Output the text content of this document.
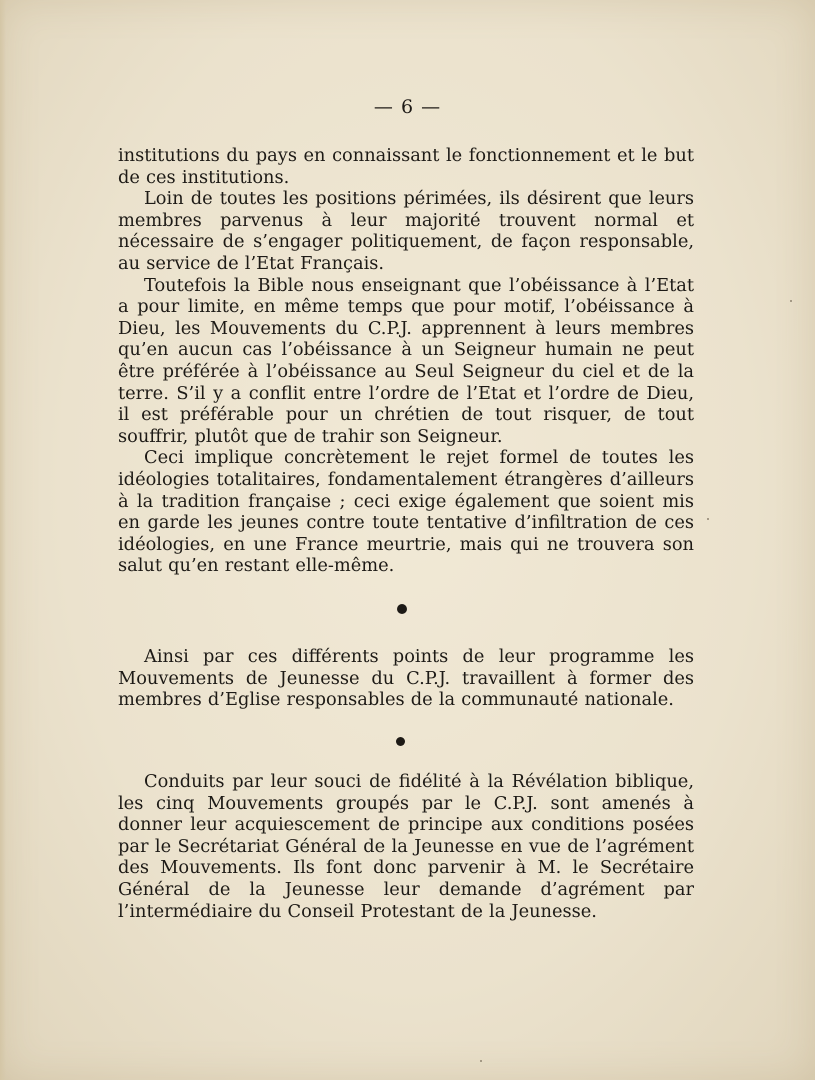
— 6 —

institutions du pays en connaissant le fonctionnement et le but de ces institutions.

Loin de toutes les positions périmées, ils désirent que leurs membres parvenus à leur majorité trouvent normal et nécessaire de s’engager politiquement, de façon responsable, au service de l’Etat Français.

Toutefois la Bible nous enseignant que l’obéissance à l’Etat a pour limite, en même temps que pour motif, l’obéissance à Dieu, les Mouvements du C.P.J. apprennent à leurs membres qu’en aucun cas l’obéissance à un Seigneur humain ne peut être préférée à l’obéissance au Seul Seigneur du ciel et de la terre. S’il y a conflit entre l’ordre de l’Etat et l’ordre de Dieu, il est préférable pour un chrétien de tout risquer, de tout souffrir, plutôt que de trahir son Seigneur.

Ceci implique concrètement le rejet formel de toutes les idéologies totalitaires, fondamentalement étrangères d’ailleurs à la tradition française ; ceci exige également que soient mis en garde les jeunes contre toute tentative d’infiltration de ces idéologies, en une France meurtrie, mais qui ne trouvera son salut qu’en restant elle-même.

Ainsi par ces différents points de leur programme les Mouvements de Jeunesse du C.P.J. travaillent à former des membres d’Eglise responsables de la communauté nationale.

Conduits par leur souci de fidélité à la Révélation biblique, les cinq Mouvements groupés par le C.P.J. sont amenés à donner leur acquiescement de principe aux conditions posées par le Secrétariat Général de la Jeunesse en vue de l’agrément des Mouvements. Ils font donc parvenir à M. le Secrétaire Général de la Jeunesse leur demande d’agrément par l’intermédiaire du Conseil Protestant de la Jeunesse.
